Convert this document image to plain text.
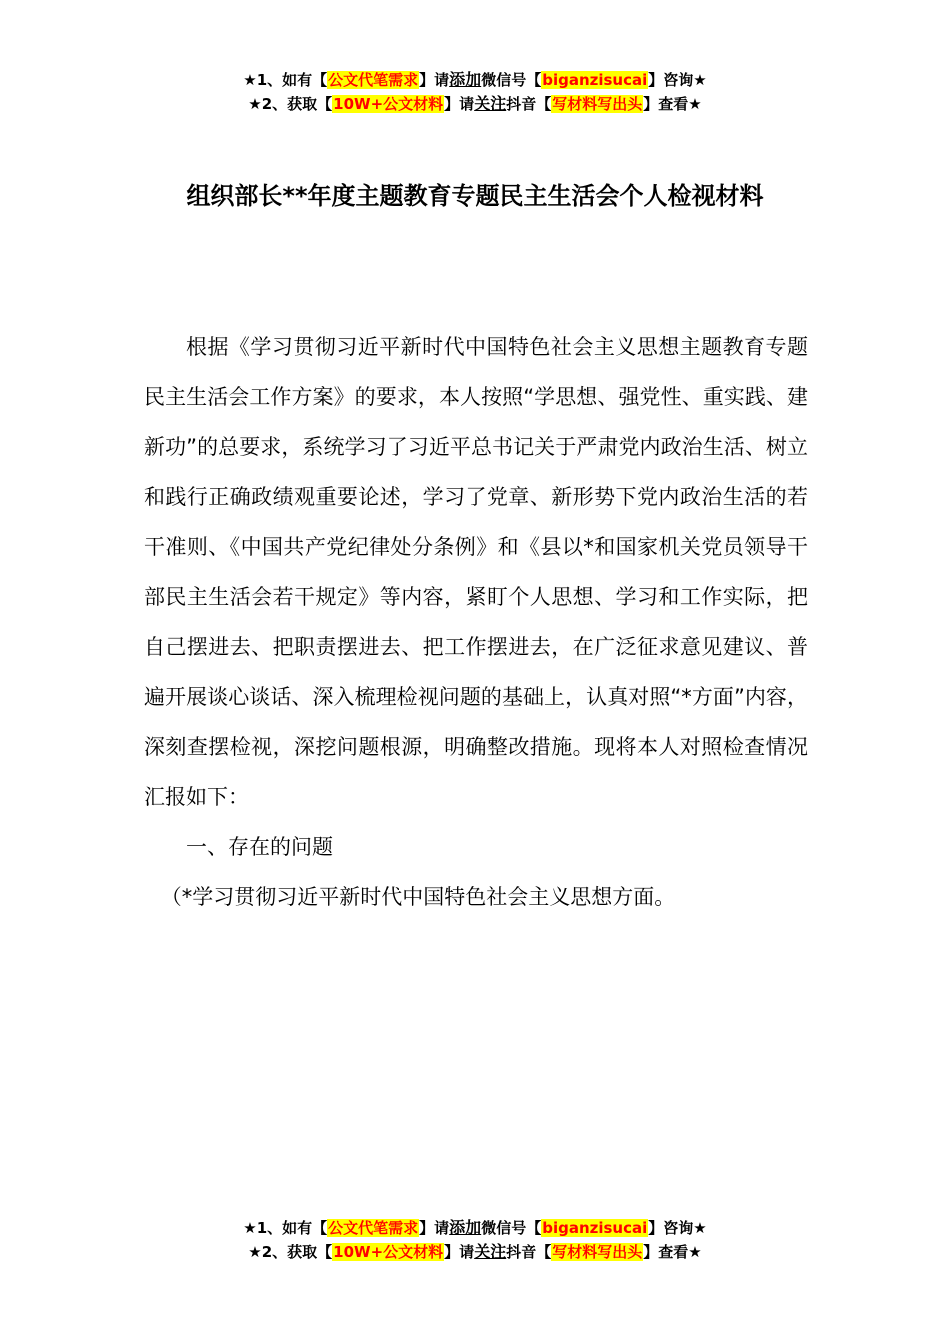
★1、如有【公文代笔需求】请添加微信号【biganzisucai】咨询★
★2、获取【10W+公文材料】请关注抖音【写材料写出头】查看★
组织部长**年度主题教育专题民主生活会个人检视材料

根据《学习贯彻习近平新时代中国特色社会主义思想主题教育专题民主生活会工作方案》的要求，本人按照“学思想、强党性、重实践、建新功”的总要求，系统学习了习近平总书记关于严肃党内政治生活、树立和践行正确政绩观重要论述，学习了党章、新形势下党内政治生活的若干准则、《中国共产党纪律处分条例》和《县以*和国家机关党员领导干部民主生活会若干规定》等内容，紧盯个人思想、学习和工作实际，把自己摆进去、把职责摆进去、把工作摆进去，在广泛征求意见建议、普遍开展谈心谈话、深入梳理检视问题的基础上，认真对照“*方面”内容，深刻查摆检视，深挖问题根源，明确整改措施。现将本人对照检查情况汇报如下：

一、存在的问题

（*学习贯彻习近平新时代中国特色社会主义思想方面。

★1、如有【公文代笔需求】请添加微信号【biganzisucai】咨询★
★2、获取【10W+公文材料】请关注抖音【写材料写出头】查看★
